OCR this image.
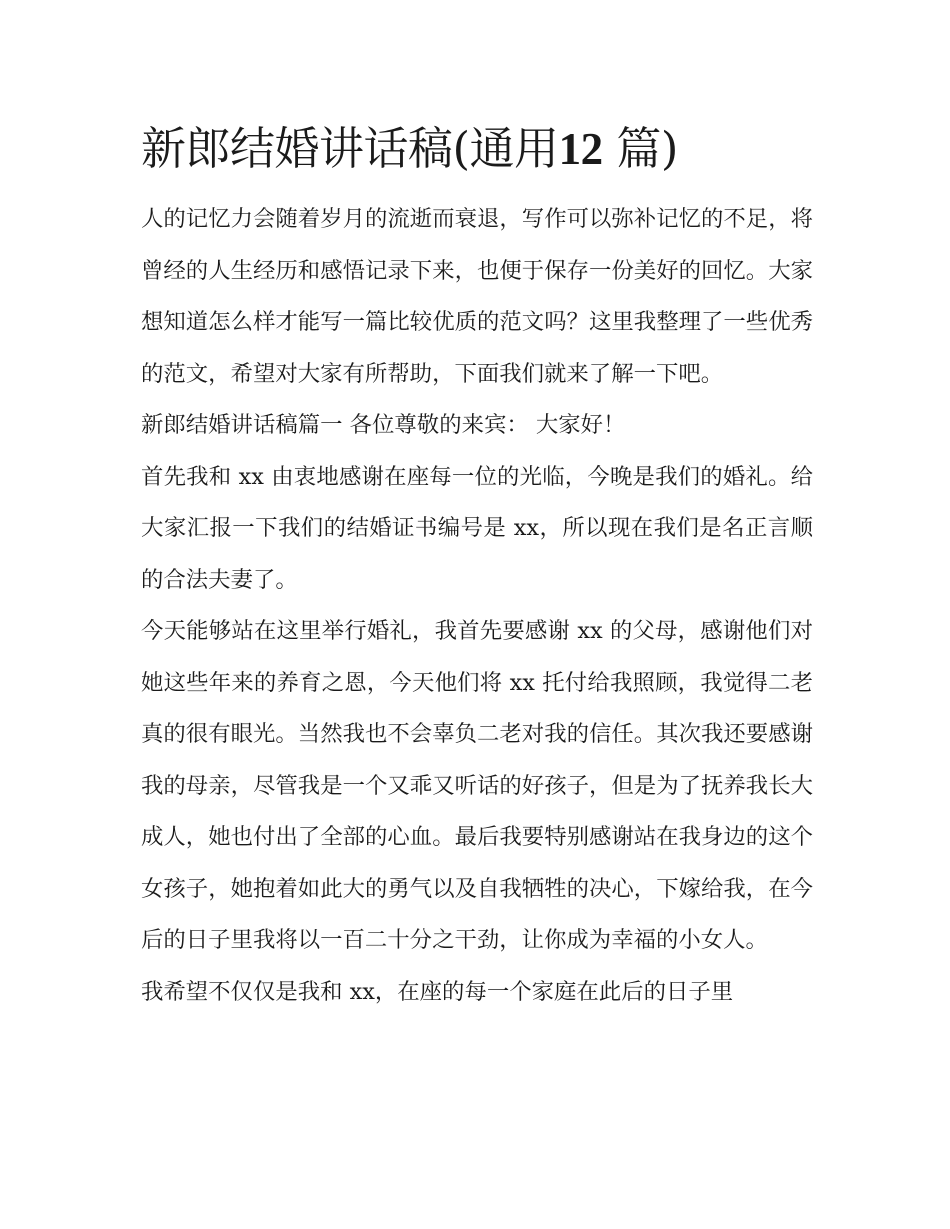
新郎结婚讲话稿(通用12 篇)

人的记忆力会随着岁月的流逝而衰退，写作可以弥补记忆的不足，将曾经的人生经历和感悟记录下来，也便于保存一份美好的回忆。大家想知道怎么样才能写一篇比较优质的范文吗？这里我整理了一些优秀的范文，希望对大家有所帮助，下面我们就来了解一下吧。

新郎结婚讲话稿篇一 各位尊敬的来宾： 大家好！

首先我和 xx 由衷地感谢在座每一位的光临，今晚是我们的婚礼。给大家汇报一下我们的结婚证书编号是 xx，所以现在我们是名正言顺的合法夫妻了。

今天能够站在这里举行婚礼，我首先要感谢 xx 的父母，感谢他们对她这些年来的养育之恩，今天他们将 xx 托付给我照顾，我觉得二老真的很有眼光。当然我也不会辜负二老对我的信任。其次我还要感谢我的母亲，尽管我是一个又乖又听话的好孩子，但是为了抚养我长大成人，她也付出了全部的心血。最后我要特别感谢站在我身边的这个女孩子，她抱着如此大的勇气以及自我牺牲的决心，下嫁给我，在今后的日子里我将以一百二十分之干劲，让你成为幸福的小女人。

我希望不仅仅是我和 xx，在座的每一个家庭在此后的日子里
